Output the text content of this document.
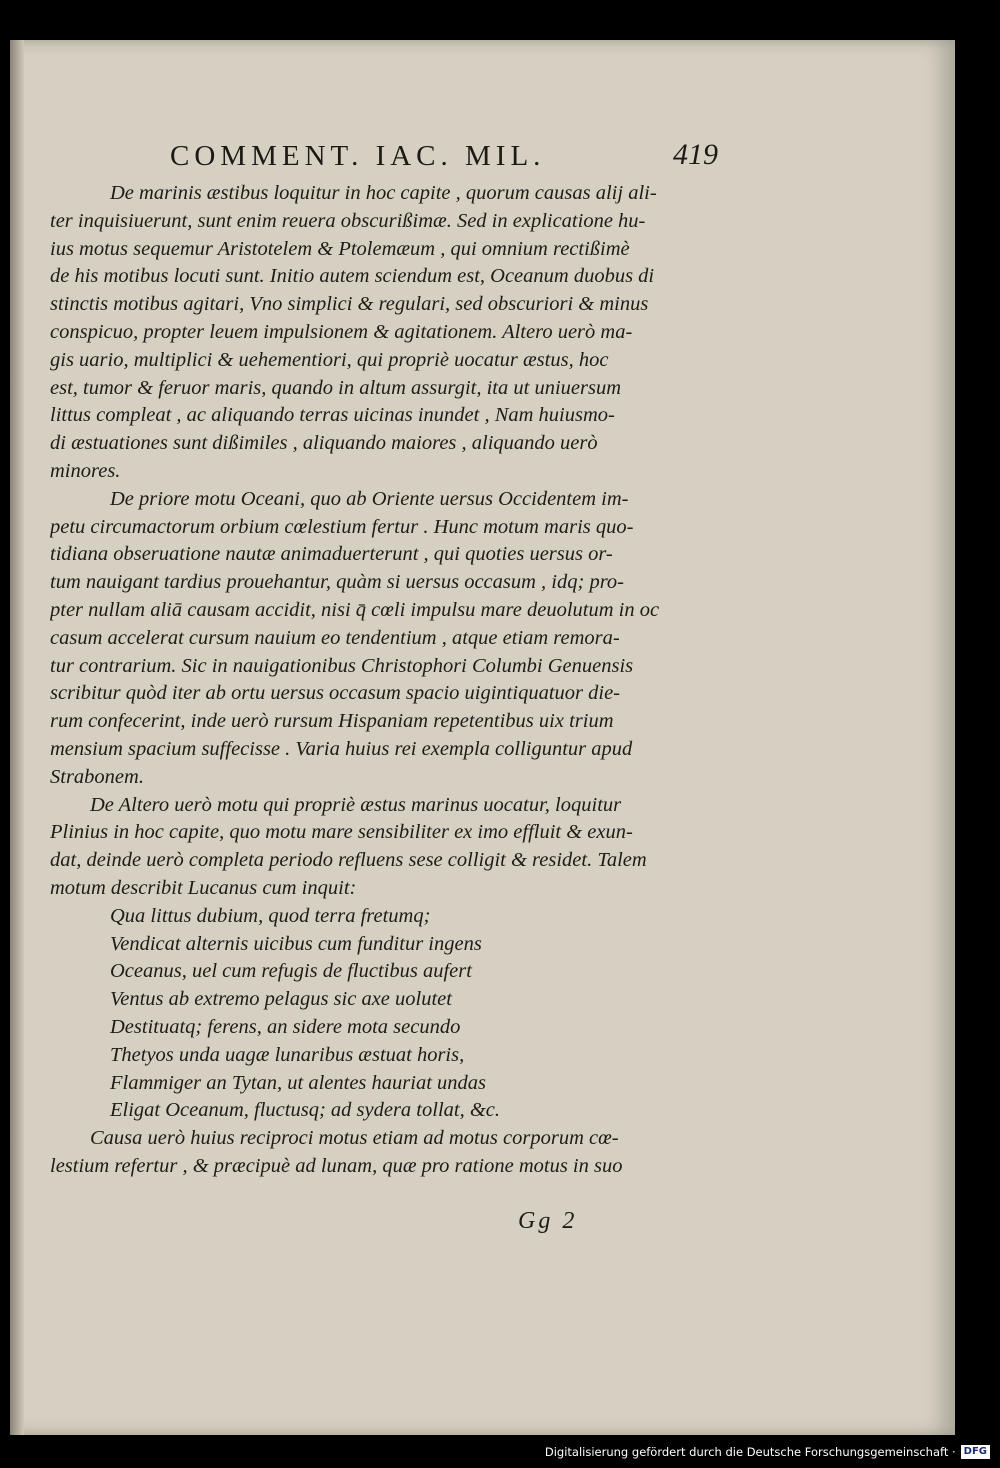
COMMENT. IAC. MIL.	419
De marinis æstibus loquitur in hoc capite , quorum causas alij ali-
ter inquisiuerunt, sunt enim reuera obscurißimæ. Sed in explicatione hu-
ius motus sequemur Aristotelem & Ptolemæum , qui omnium rectißimè
de his motibus locuti sunt. Initio autem sciendum est, Oceanum duobus di
stinctis motibus agitari, Vno simplici & regulari, sed obscuriori & minus
conspicuo, propter leuem impulsionem & agitationem. Altero uerò ma-
gis uario, multiplici & uehementiori, qui propriè uocatur æstus, hoc
est, tumor & feruor maris, quando in altum assurgit, ita ut uniuersum
littus compleat , ac aliquando terras uicinas inundet , Nam huiusmo-
di æstuationes sunt dißimiles , aliquando maiores , aliquando uerò
minores.
De priore motu Oceani, quo ab Oriente uersus Occidentem im-
petu circumactorum orbium cœlestium fertur . Hunc motum maris quo-
tidiana obseruatione nautæ animaduerterunt , qui quoties uersus or-
tum nauigant tardius prouehantur, quàm si uersus occasum , idq; pro-
pter nullam aliā causam accidit, nisi q̄ cœli impulsu mare deuolutum in oc
casum accelerat cursum nauium eo tendentium , atque etiam remora-
tur contrarium. Sic in nauigationibus Christophori Columbi Genuensis
scribitur quòd iter ab ortu uersus occasum spacio uigintiquatuor die-
rum confecerint, inde uerò rursum Hispaniam repetentibus uix trium
mensium spacium suffecisse . Varia huius rei exempla colliguntur apud
Strabonem.
De Altero uerò motu qui propriè æstus marinus uocatur, loquitur
Plinius in hoc capite, quo motu mare sensibiliter ex imo effluit & exun-
dat, deinde uerò completa periodo refluens sese colligit & residet. Talem
motum describit Lucanus cum inquit:
Qua littus dubium, quod terra fretumq;
Vendicat alternis uicibus cum funditur ingens
Oceanus, uel cum refugis de fluctibus aufert
Ventus ab extremo pelagus sic axe uolutet
Destituatq; ferens, an sidere mota secundo
Thetyos unda uagæ lunaribus æstuat horis,
Flammiger an Tytan, ut alentes hauriat undas
Eligat Oceanum, fluctusq; ad sydera tollat, &c.
Causa uerò huius reciproci motus etiam ad motus corporum cœ-
lestium refertur , & præcipuè ad lunam, quæ pro ratione motus in suo
Gg 2
Digitalisierung gefördert durch die Deutsche Forschungsgemeinschaft · DFG
